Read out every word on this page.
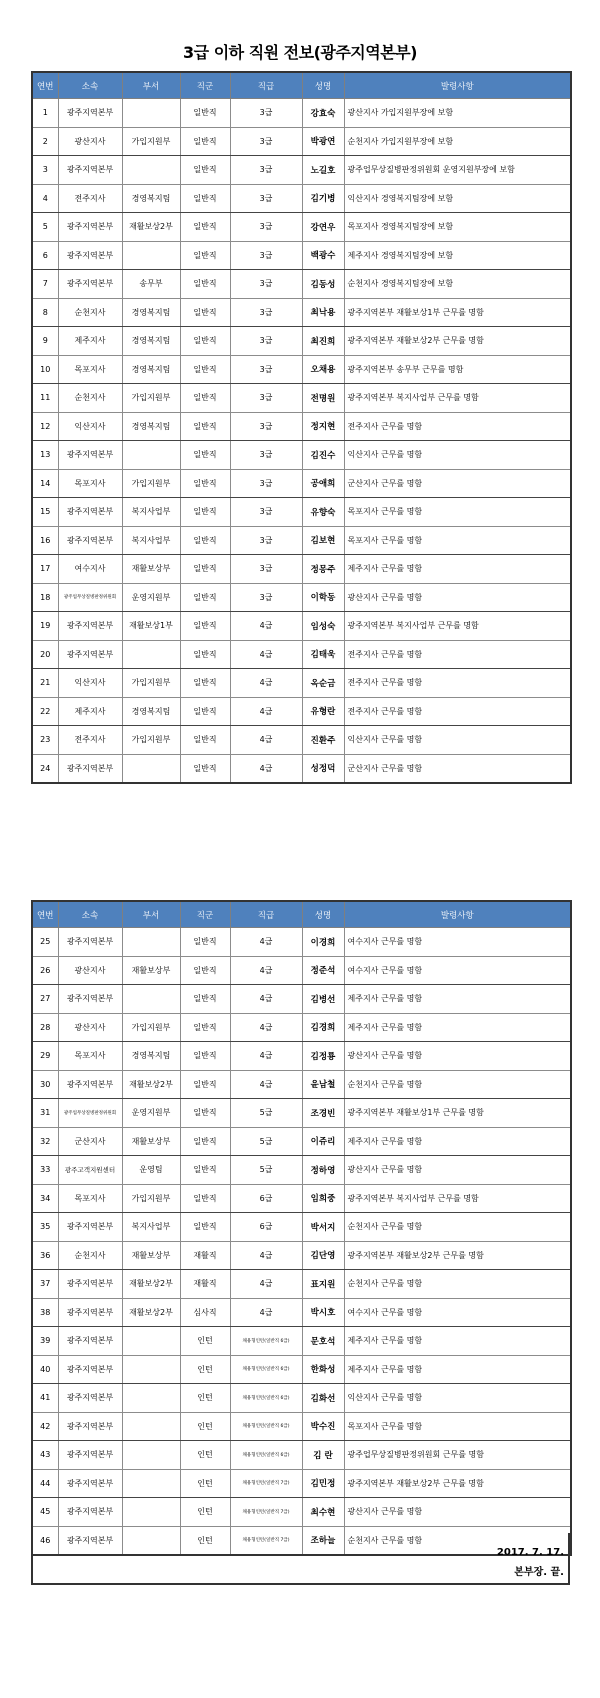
3급 이하 직원 전보(광주지역본부)
연번	소속	부서	직군	직급	성명	발령사항
1	광주지역본부		일반직	3급	강효숙	광산지사 가입지원부장에 보함
2	광산지사	가입지원부	일반직	3급	박광연	순천지사 가입지원부장에 보함
3	광주지역본부		일반직	3급	노길호	광주업무상질병판정위원회 운영지원부장에 보함
4	전주지사	경영복지팀	일반직	3급	김기병	익산지사 경영복지팀장에 보함
5	광주지역본부	재활보상2부	일반직	3급	강연우	목포지사 경영복지팀장에 보함
6	광주지역본부		일반직	3급	백광수	제주지사 경영복지팀장에 보함
7	광주지역본부	송무부	일반직	3급	김동성	순천지사 경영복지팀장에 보함
8	순천지사	경영복지팀	일반직	3급	최낙용	광주지역본부 재활보상1부 근무를 명함
9	제주지사	경영복지팀	일반직	3급	최진희	광주지역본부 재활보상2부 근무를 명함
10	목포지사	경영복지팀	일반직	3급	오채용	광주지역본부 송무부 근무를 명함
11	순천지사	가입지원부	일반직	3급	전명원	광주지역본부 복지사업부 근무를 명함
12	익산지사	경영복지팀	일반직	3급	정지현	전주지사 근무를 명함
13	광주지역본부		일반직	3급	김진수	익산지사 근무를 명함
14	목포지사	가입지원부	일반직	3급	공애희	군산지사 근무를 명함
15	광주지역본부	복지사업부	일반직	3급	유향숙	목포지사 근무를 명함
16	광주지역본부	복지사업부	일반직	3급	김보현	목포지사 근무를 명함
17	여수지사	재활보상부	일반직	3급	정몽주	제주지사 근무를 명함
18	광주업무상질병판정위원회	운영지원부	일반직	3급	이학동	광산지사 근무를 명함
19	광주지역본부	재활보상1부	일반직	4급	임성숙	광주지역본부 복지사업부 근무를 명함
20	광주지역본부		일반직	4급	김태욱	전주지사 근무를 명함
21	익산지사	가입지원부	일반직	4급	옥순금	전주지사 근무를 명함
22	제주지사	경영복지팀	일반직	4급	유형란	전주지사 근무를 명함
23	전주지사	가입지원부	일반직	4급	진환주	익산지사 근무를 명함
24	광주지역본부		일반직	4급	성정덕	군산지사 근무를 명함
연번	소속	부서	직군	직급	성명	발령사항
25	광주지역본부		일반직	4급	이경희	여수지사 근무를 명함
26	광산지사	재활보상부	일반직	4급	정준석	여수지사 근무를 명함
27	광주지역본부		일반직	4급	김병선	제주지사 근무를 명함
28	광산지사	가입지원부	일반직	4급	김경희	제주지사 근무를 명함
29	목포지사	경영복지팀	일반직	4급	김정룡	광산지사 근무를 명함
30	광주지역본부	재활보상2부	일반직	4급	윤남철	순천지사 근무를 명함
31	광주업무상질병판정위원회	운영지원부	일반직	5급	조경빈	광주지역본부 재활보상1부 근무를 명함
32	군산지사	재활보상부	일반직	5급	이쥬리	제주지사 근무를 명함
33	광주고객지원센터	운영팀	일반직	5급	정하영	광산지사 근무를 명함
34	목포지사	가입지원부	일반직	6급	임희중	광주지역본부 복지사업부 근무를 명함
35	광주지역본부	복지사업부	일반직	6급	박서지	순천지사 근무를 명함
36	순천지사	재활보상부	재활직	4급	김단영	광주지역본부 재활보상2부 근무를 명함
37	광주지역본부	재활보상2부	재활직	4급	표지원	순천지사 근무를 명함
38	광주지역본부	재활보상2부	심사직	4급	박시호	여수지사 근무를 명함
39	광주지역본부		인턴	채용형인턴(일반직 6급)	문호석	제주지사 근무를 명함
40	광주지역본부		인턴	채용형인턴(일반직 6급)	한화성	제주지사 근무를 명함
41	광주지역본부		인턴	채용형인턴(일반직 6급)	김화선	익산지사 근무를 명함
42	광주지역본부		인턴	채용형인턴(일반직 6급)	박수진	목포지사 근무를 명함
43	광주지역본부		인턴	채용형인턴(일반직 6급)	김 란	광주업무상질병판정위원회 근무를 명함
44	광주지역본부		인턴	채용형인턴(일반직 7급)	김민정	광주지역본부 재활보상2부 근무를 명함
45	광주지역본부		인턴	채용형인턴(일반직 7급)	최수현	광산지사 근무를 명함
46	광주지역본부		인턴	채용형인턴(일반직 7급)	조하늘	순천지사 근무를 명함
2017. 7. 17.
본부장. 끝.
